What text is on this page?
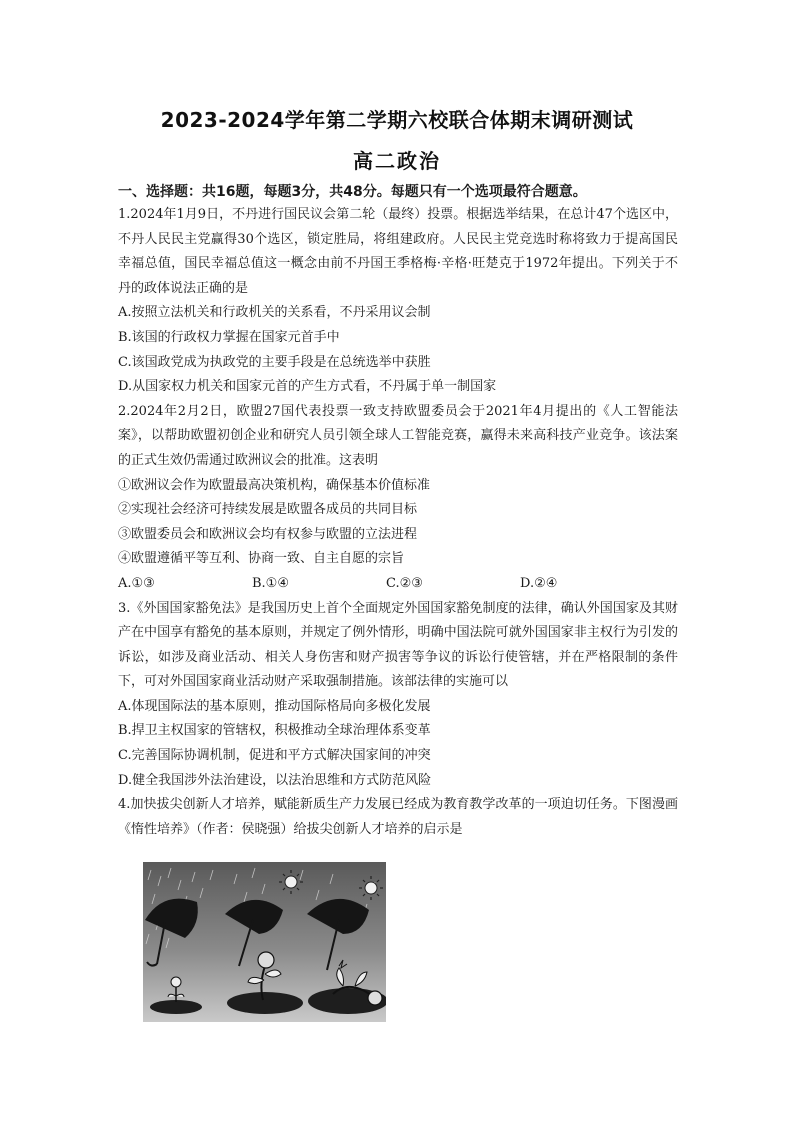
2023-2024学年第二学期六校联合体期末调研测试
高二政治
一、选择题：共16题，每题3分，共48分。每题只有一个选项最符合题意。

1.2024年1月9日，不丹进行国民议会第二轮（最终）投票。根据选举结果，在总计47个选区中，不丹人民民主党赢得30个选区，锁定胜局，将组建政府。人民民主党竞选时称将致力于提高国民幸福总值，国民幸福总值这一概念由前不丹国王季格梅·辛格·旺楚克于1972年提出。下列关于不丹的政体说法正确的是

A.按照立法机关和行政机关的关系看，不丹采用议会制

B.该国的行政权力掌握在国家元首手中

C.该国政党成为执政党的主要手段是在总统选举中获胜

D.从国家权力机关和国家元首的产生方式看，不丹属于单一制国家

2.2024年2月2日，欧盟27国代表投票一致支持欧盟委员会于2021年4月提出的《人工智能法案》，以帮助欧盟初创企业和研究人员引领全球人工智能竞赛，赢得未来高科技产业竞争。该法案的正式生效仍需通过欧洲议会的批准。这表明

①欧洲议会作为欧盟最高决策机构，确保基本价值标准

②实现社会经济可持续发展是欧盟各成员的共同目标

③欧盟委员会和欧洲议会均有权参与欧盟的立法进程

④欧盟遵循平等互利、协商一致、自主自愿的宗旨

A.①③	B.①④	C.②③	D.②④

3.《外国国家豁免法》是我国历史上首个全面规定外国国家豁免制度的法律，确认外国国家及其财产在中国享有豁免的基本原则，并规定了例外情形，明确中国法院可就外国国家非主权行为引发的诉讼，如涉及商业活动、相关人身伤害和财产损害等争议的诉讼行使管辖，并在严格限制的条件下，可对外国国家商业活动财产采取强制措施。该部法律的实施可以

A.体现国际法的基本原则，推动国际格局向多极化发展

B.捍卫主权国家的管辖权，积极推动全球治理体系变革

C.完善国际协调机制，促进和平方式解决国家间的冲突

D.健全我国涉外法治建设，以法治思维和方式防范风险

4.加快拔尖创新人才培养，赋能新质生产力发展已经成为教育教学改革的一项迫切任务。下图漫画《惰性培养》（作者：侯晓强）给拔尖创新人才培养的启示是
